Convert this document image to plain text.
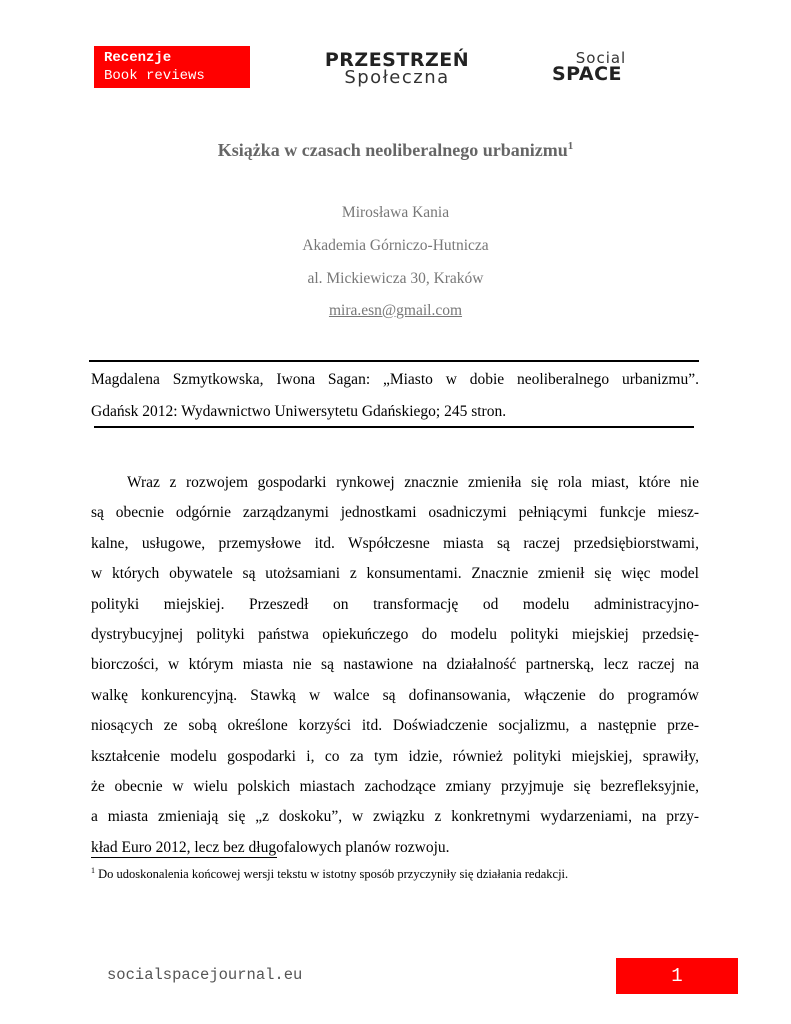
Recenzje
Book reviews
PRZESTRZEŃ
Społeczna
Social
SPACE
Książka w czasach neoliberalnego urbanizmu$^1$
Mirosława Kania
Akademia Górniczo-Hutnicza
al. Mickiewicza 30, Kraków
mira.esn@gmail.com
Magdalena Szmytkowska, Iwona Sagan: „Miasto w dobie neoliberalnego urbanizmu”.
Gdańsk 2012: Wydawnictwo Uniwersytetu Gdańskiego; 245 stron.
Wraz z rozwojem gospodarki rynkowej znacznie zmieniła się rola miast, które nie
są obecnie odgórnie zarządzanymi jednostkami osadniczymi pełniącymi funkcje miesz-
kalne, usługowe, przemysłowe itd. Współczesne miasta są raczej przedsiębiorstwami,
w których obywatele są utożsamiani z konsumentami. Znacznie zmienił się więc model
polityki miejskiej. Przeszedł on transformację od modelu administracyjno-
dystrybucyjnej polityki państwa opiekuńczego do modelu polityki miejskiej przedsię-
biorczości, w którym miasta nie są nastawione na działalność partnerską, lecz raczej na
walkę konkurencyjną. Stawką w walce są dofinansowania, włączenie do programów
niosących ze sobą określone korzyści itd. Doświadczenie socjalizmu, a następnie prze-
kształcenie modelu gospodarki i, co za tym idzie, również polityki miejskiej, sprawiły,
że obecnie w wielu polskich miastach zachodzące zmiany przyjmuje się bezrefleksyjnie,
a miasta zmieniają się „z doskoku”, w związku z konkretnymi wydarzeniami, na przy-
kład Euro 2012, lecz bez długofalowych planów rozwoju.
$^1$ Do udoskonalenia końcowej wersji tekstu w istotny sposób przyczyniły się działania redakcji.
socialspacejournal.eu	1
